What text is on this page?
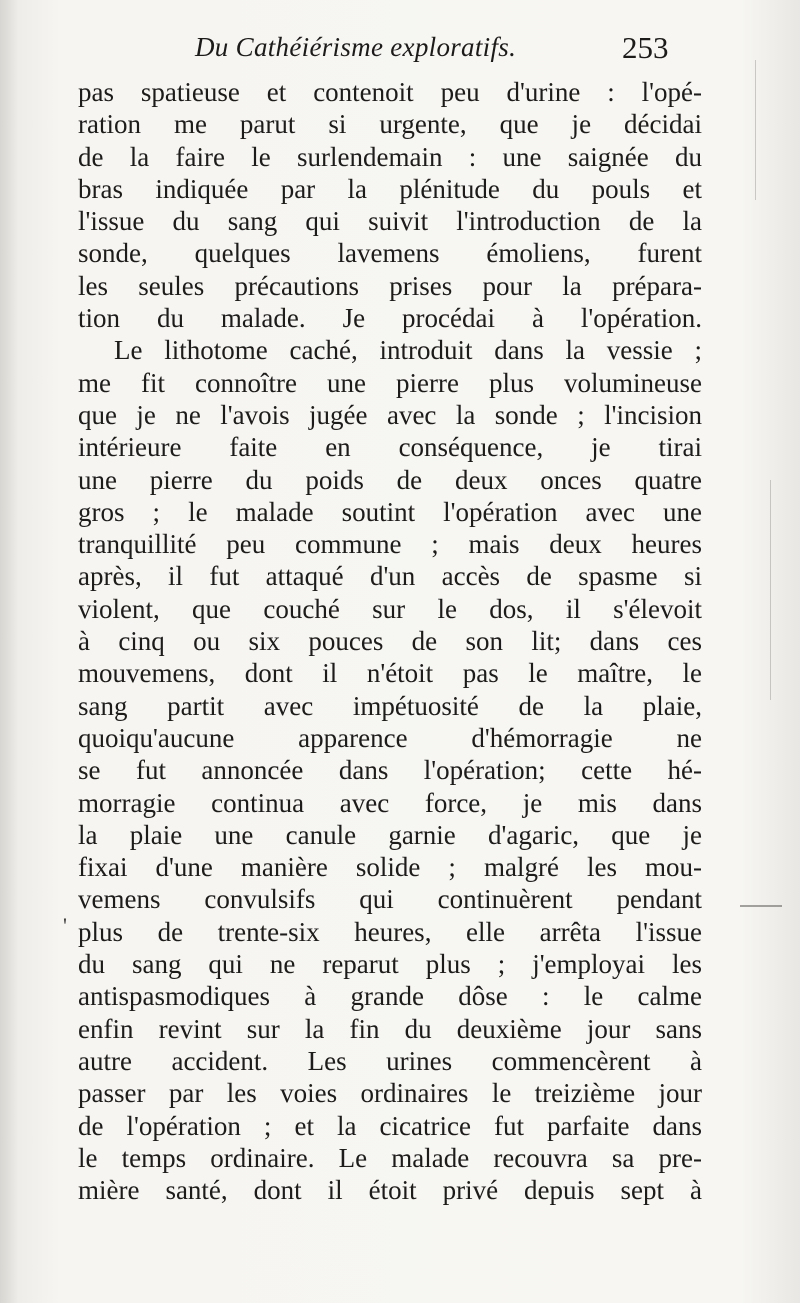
Du Cathéiérisme exploratifs.	253
pas spatieuse et contenoit peu d'urine : l'opé-
ration me parut si urgente, que je décidai
de la faire le surlendemain : une saignée du
bras indiquée par la plénitude du pouls et
l'issue du sang qui suivit l'introduction de la
sonde, quelques lavemens émoliens, furent
les seules précautions prises pour la prépara-
tion du malade. Je procédai à l'opération.
Le lithotome caché, introduit dans la vessie ;
me fit connoître une pierre plus volumineuse
que je ne l'avois jugée avec la sonde ; l'incision
intérieure faite en conséquence, je tirai
une pierre du poids de deux onces quatre
gros ; le malade soutint l'opération avec une
tranquillité peu commune ; mais deux heures
après, il fut attaqué d'un accès de spasme si
violent, que couché sur le dos, il s'élevoit
à cinq ou six pouces de son lit; dans ces
mouvemens, dont il n'étoit pas le maître, le
sang partit avec impétuosité de la plaie,
quoiqu'aucune apparence d'hémorragie ne
se fut annoncée dans l'opération; cette hé-
morragie continua avec force, je mis dans
la plaie une canule garnie d'agaric, que je
fixai d'une manière solide ; malgré les mou-
vemens convulsifs qui continuèrent pendant
plus de trente-six heures, elle arrêta l'issue
du sang qui ne reparut plus ; j'employai les
antispasmodiques à grande dôse : le calme
enfin revint sur la fin du deuxième jour sans
autre accident. Les urines commencèrent à
passer par les voies ordinaires le treizième jour
de l'opération ; et la cicatrice fut parfaite dans
le temps ordinaire. Le malade recouvra sa pre-
mière santé, dont il étoit privé depuis sept à
'
